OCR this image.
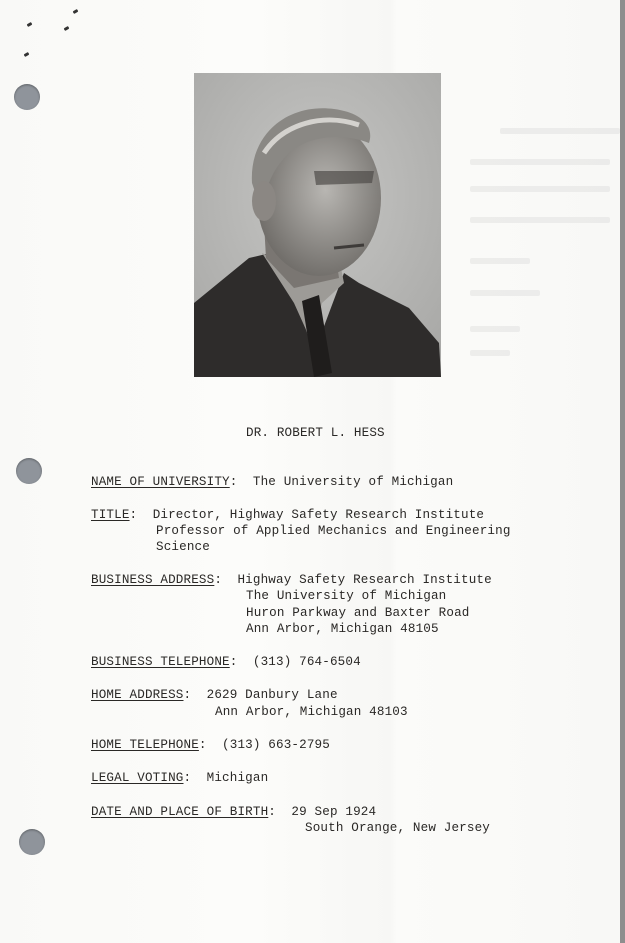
DR. ROBERT L. HESS
NAME OF UNIVERSITY: The University of Michigan
TITLE: Director, Highway Safety Research Institute
Professor of Applied Mechanics and Engineering
Science
BUSINESS ADDRESS: Highway Safety Research Institute
The University of Michigan
Huron Parkway and Baxter Road
Ann Arbor, Michigan 48105
BUSINESS TELEPHONE: (313) 764-6504
HOME ADDRESS: 2629 Danbury Lane
Ann Arbor, Michigan 48103
HOME TELEPHONE: (313) 663-2795
LEGAL VOTING: Michigan
DATE AND PLACE OF BIRTH: 29 Sep 1924
South Orange, New Jersey
